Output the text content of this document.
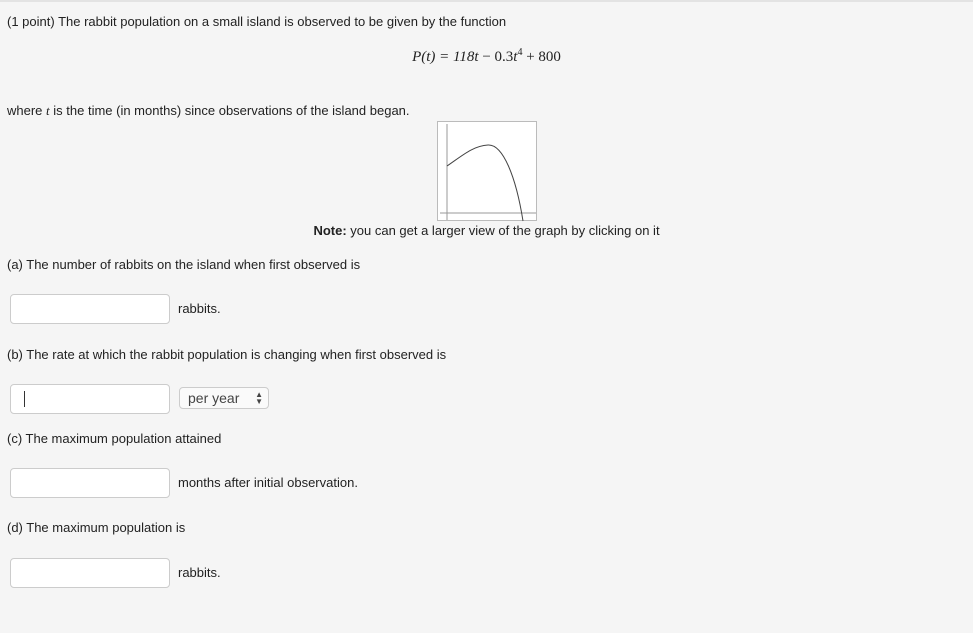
(1 point) The rabbit population on a small island is observed to be given by the function
$P(t) = 118t - 0.3t^4 + 800$
where t is the time (in months) since observations of the island began.
Note: you can get a larger view of the graph by clicking on it
(a) The number of rabbits on the island when first observed is
rabbits.
(b) The rate at which the rabbit population is changing when first observed is
per year ▲
▼
(c) The maximum population attained
months after initial observation.
(d) The maximum population is
rabbits.
